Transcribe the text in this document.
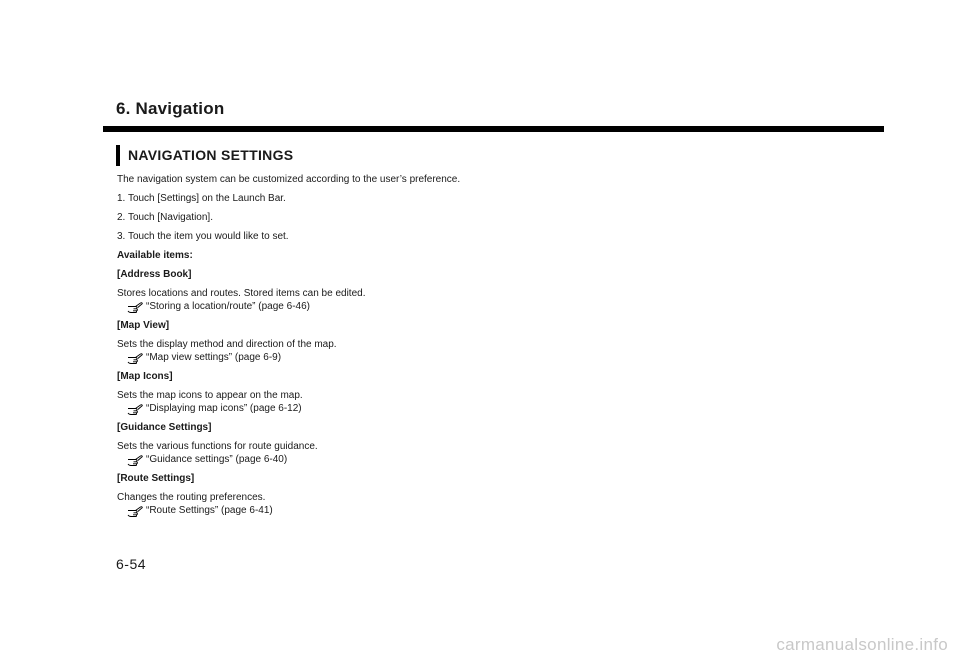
6. Navigation
NAVIGATION SETTINGS

The navigation system can be customized according to the user’s preference.

1. Touch [Settings] on the Launch Bar.

2. Touch [Navigation].

3. Touch the item you would like to set.

Available items:

[Address Book]

Stores locations and routes. Stored items can be edited.

“Storing a location/route” (page 6-46)

[Map View]

Sets the display method and direction of the map.

“Map view settings” (page 6-9)

[Map Icons]

Sets the map icons to appear on the map.

“Displaying map icons” (page 6-12)

[Guidance Settings]

Sets the various functions for route guidance.

“Guidance settings” (page 6-40)

[Route Settings]

Changes the routing preferences.

“Route Settings” (page 6-41)
6-54
carmanualsonline.info
